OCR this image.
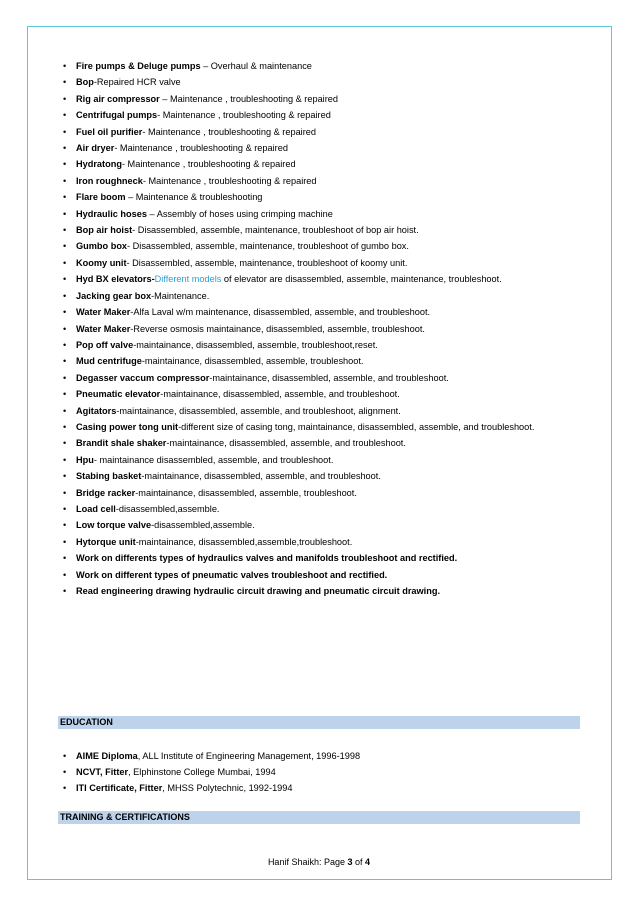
• Fire pumps & Deluge pumps – Overhaul & maintenance
• Bop-Repaired HCR valve
• Rig air compressor – Maintenance , troubleshooting & repaired
• Centrifugal pumps- Maintenance , troubleshooting & repaired
• Fuel oil purifier- Maintenance , troubleshooting & repaired
• Air dryer- Maintenance , troubleshooting & repaired
• Hydratong- Maintenance , troubleshooting & repaired
• Iron roughneck- Maintenance , troubleshooting & repaired
• Flare boom – Maintenance & troubleshooting
• Hydraulic hoses – Assembly of hoses using crimping machine
• Bop air hoist- Disassembled, assemble, maintenance, troubleshoot of bop air hoist.
• Gumbo box- Disassembled, assemble, maintenance, troubleshoot of gumbo box.
• Koomy unit- Disassembled, assemble, maintenance, troubleshoot of koomy unit.
• Hyd BX elevators-Different models of elevator are disassembled, assemble, maintenance, troubleshoot.
• Jacking gear box-Maintenance.
• Water Maker-Alfa Laval w/m maintenance, disassembled, assemble, and troubleshoot.
• Water Maker-Reverse osmosis maintainance, disassembled, assemble, troubleshoot.
• Pop off valve-maintainance, disassembled, assemble, troubleshoot,reset.
• Mud centrifuge-maintainance, disassembled, assemble, troubleshoot.
• Degasser vaccum compressor-maintainance, disassembled, assemble, and troubleshoot.
• Pneumatic elevator-maintainance, disassembled, assemble, and troubleshoot.
• Agitators-maintainance, disassembled, assemble, and troubleshoot, alignment.
• Casing power tong unit-different size of casing tong, maintainance, disassembled, assemble, and troubleshoot.
• Brandit shale shaker-maintainance, disassembled, assemble, and troubleshoot.
• Hpu- maintainance disassembled, assemble, and troubleshoot.
• Stabing basket-maintainance, disassembled, assemble, and troubleshoot.
• Bridge racker-maintainance, disassembled, assemble, troubleshoot.
• Load cell-disassembled,assemble.
• Low torque valve-disassembled,assemble.
• Hytorque unit-maintainance, disassembled,assemble,troubleshoot.
• Work on differents types of hydraulics valves and manifolds troubleshoot and rectified.
• Work on different types of pneumatic valves troubleshoot and rectified.
• Read engineering drawing hydraulic circuit drawing and pneumatic circuit drawing.
EDUCATION
• AIME Diploma, ALL Institute of Engineering Management, 1996-1998
• NCVT, Fitter, Elphinstone College Mumbai, 1994
• ITI Certificate, Fitter, MHSS Polytechnic, 1992-1994
TRAINING & CERTIFICATIONS
Hanif Shaikh: Page 3 of 4
